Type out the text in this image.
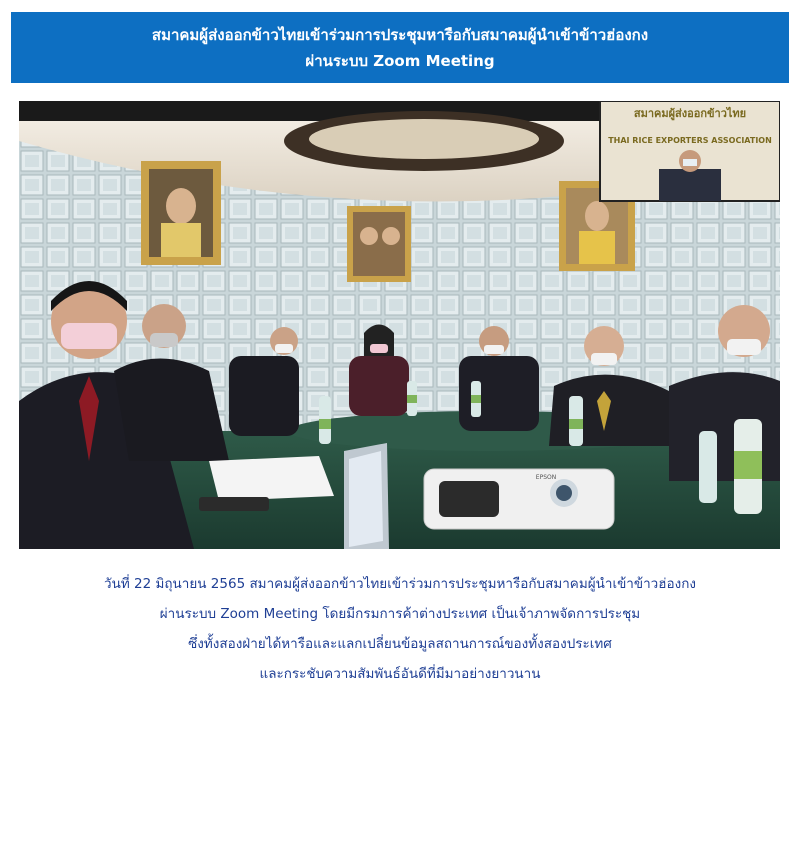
สมาคมผู้ส่งออกข้าวไทยเข้าร่วมการประชุมหารือกับสมาคมผู้นำเข้าข้าวฮ่องกง
ผ่านระบบ Zoom Meeting
สมาคมผู้ส่งออกข้าวไทย
THAI RICE EXPORTERS ASSOCIATION
EPSON
วันที่ 22 มิถุนายน 2565 สมาคมผู้ส่งออกข้าวไทยเข้าร่วมการประชุมหารือกับสมาคมผู้นำเข้าข้าวฮ่องกง
ผ่านระบบ Zoom Meeting โดยมีกรมการค้าต่างประเทศ เป็นเจ้าภาพจัดการประชุม
ซึ่งทั้งสองฝ่ายได้หารือและแลกเปลี่ยนข้อมูลสถานการณ์ของทั้งสองประเทศ
และกระชับความสัมพันธ์อันดีที่มีมาอย่างยาวนาน
